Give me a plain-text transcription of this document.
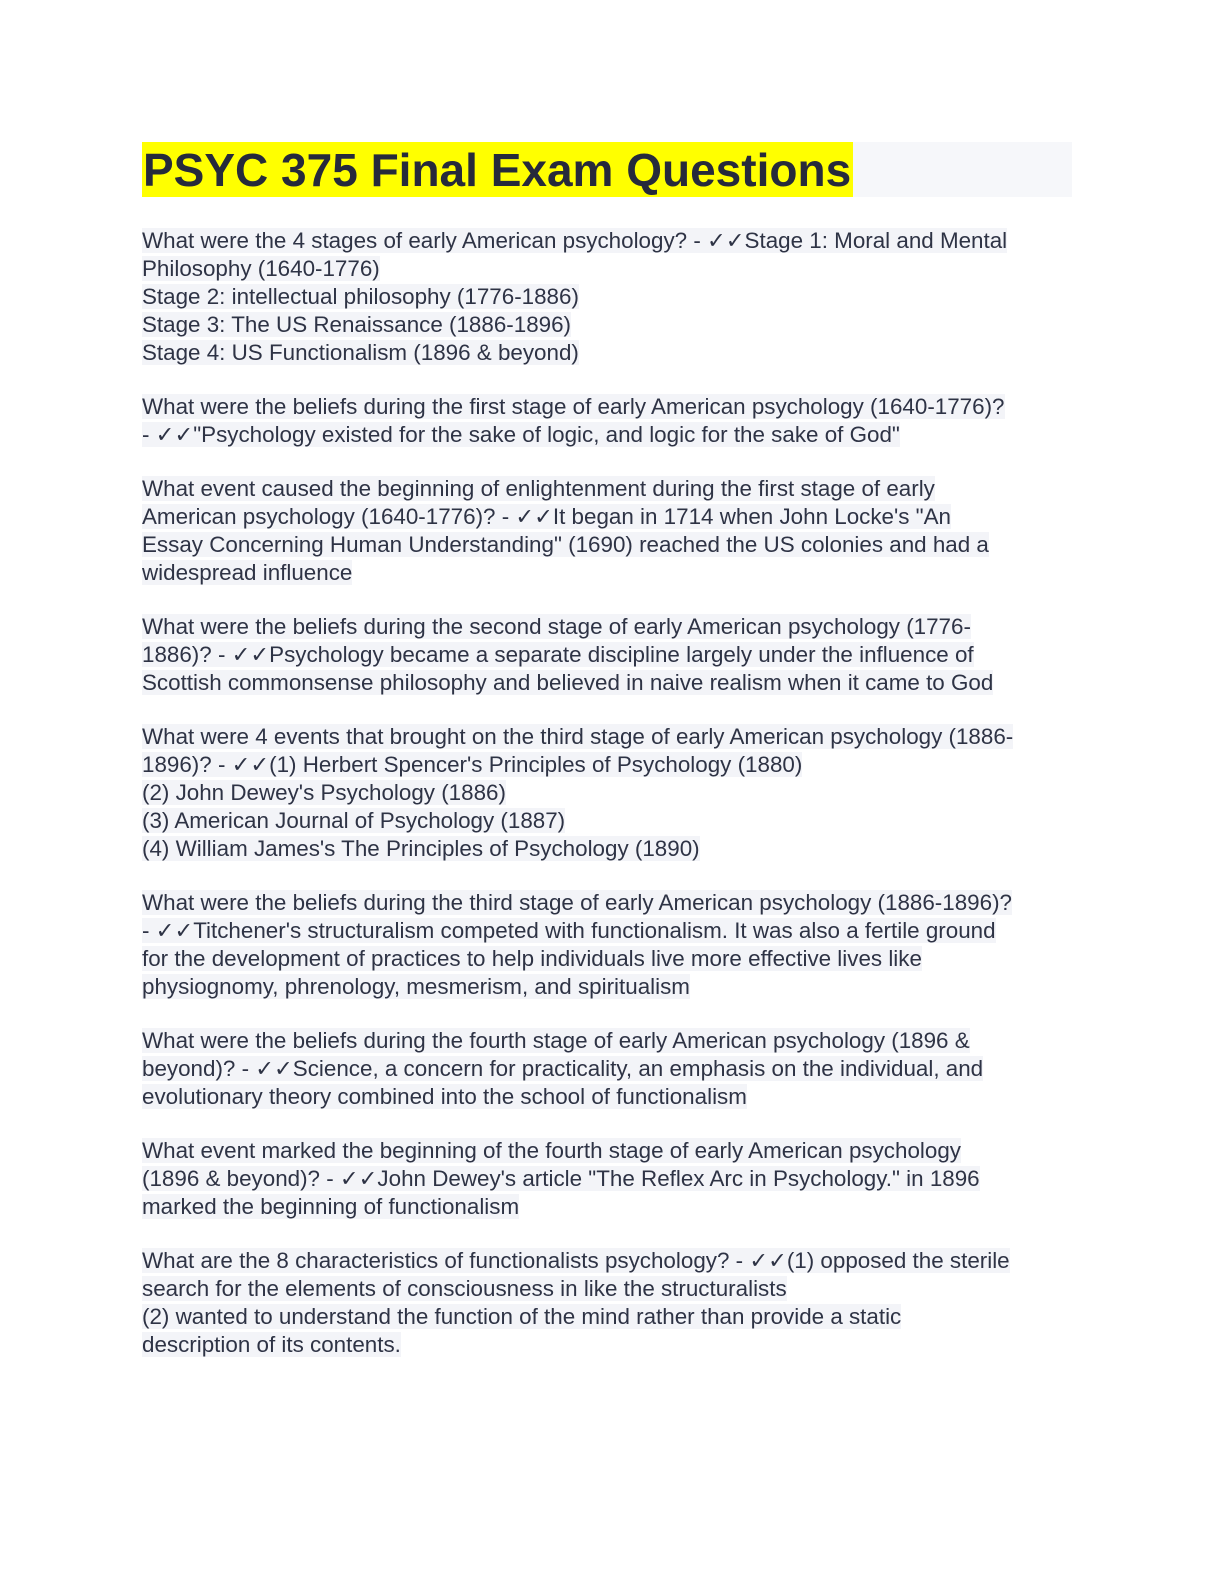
PSYC 375 Final Exam Questions
What were the 4 stages of early American psychology? - ✓✓Stage 1: Moral and Mental
Philosophy (1640-1776)
Stage 2: intellectual philosophy (1776-1886)
Stage 3: The US Renaissance (1886-1896)
Stage 4: US Functionalism (1896 & beyond)
What were the beliefs during the first stage of early American psychology (1640-1776)?
- ✓✓"Psychology existed for the sake of logic, and logic for the sake of God"
What event caused the beginning of enlightenment during the first stage of early
American psychology (1640-1776)? - ✓✓It began in 1714 when John Locke's "An
Essay Concerning Human Understanding" (1690) reached the US colonies and had a
widespread influence
What were the beliefs during the second stage of early American psychology (1776-
1886)? - ✓✓Psychology became a separate discipline largely under the influence of
Scottish commonsense philosophy and believed in naive realism when it came to God
What were 4 events that brought on the third stage of early American psychology (1886-
1896)? - ✓✓(1) Herbert Spencer's Principles of Psychology (1880)
(2) John Dewey's Psychology (1886)
(3) American Journal of Psychology (1887)
(4) William James's The Principles of Psychology (1890)
What were the beliefs during the third stage of early American psychology (1886-1896)?
- ✓✓Titchener's structuralism competed with functionalism. It was also a fertile ground
for the development of practices to help individuals live more effective lives like
physiognomy, phrenology, mesmerism, and spiritualism
What were the beliefs during the fourth stage of early American psychology (1896 &
beyond)? - ✓✓Science, a concern for practicality, an emphasis on the individual, and
evolutionary theory combined into the school of functionalism
What event marked the beginning of the fourth stage of early American psychology
(1896 & beyond)? - ✓✓John Dewey's article "The Reflex Arc in Psychology." in 1896
marked the beginning of functionalism
What are the 8 characteristics of functionalists psychology? - ✓✓(1) opposed the sterile
search for the elements of consciousness in like the structuralists
(2) wanted to understand the function of the mind rather than provide a static
description of its contents.
